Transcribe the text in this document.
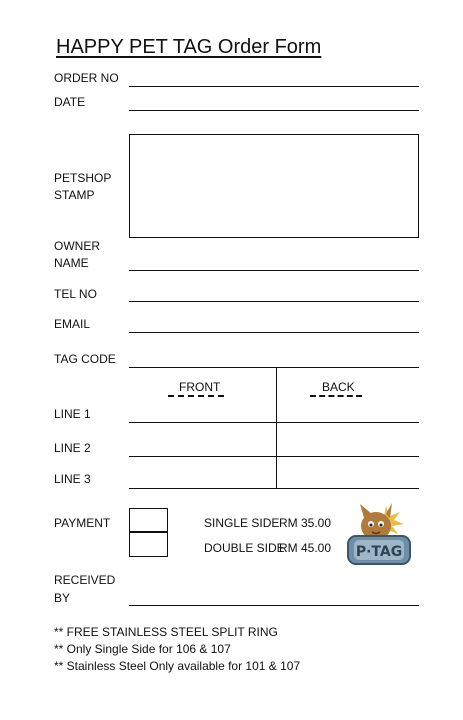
HAPPY PET TAG Order Form
ORDER NO
DATE
PETSHOP
STAMP
OWNER
NAME
TEL NO
EMAIL
TAG CODE
FRONT	BACK
LINE 1
LINE 2
LINE 3
PAYMENT	SINGLE SIDE RM 35.00
DOUBLE SIDE
RM 45.00 P·TAG
RECEIVED
BY
** FREE STAINLESS STEEL SPLIT RING
** Only Single Side for 106 & 107
** Stainless Steel Only available for 101 & 107
